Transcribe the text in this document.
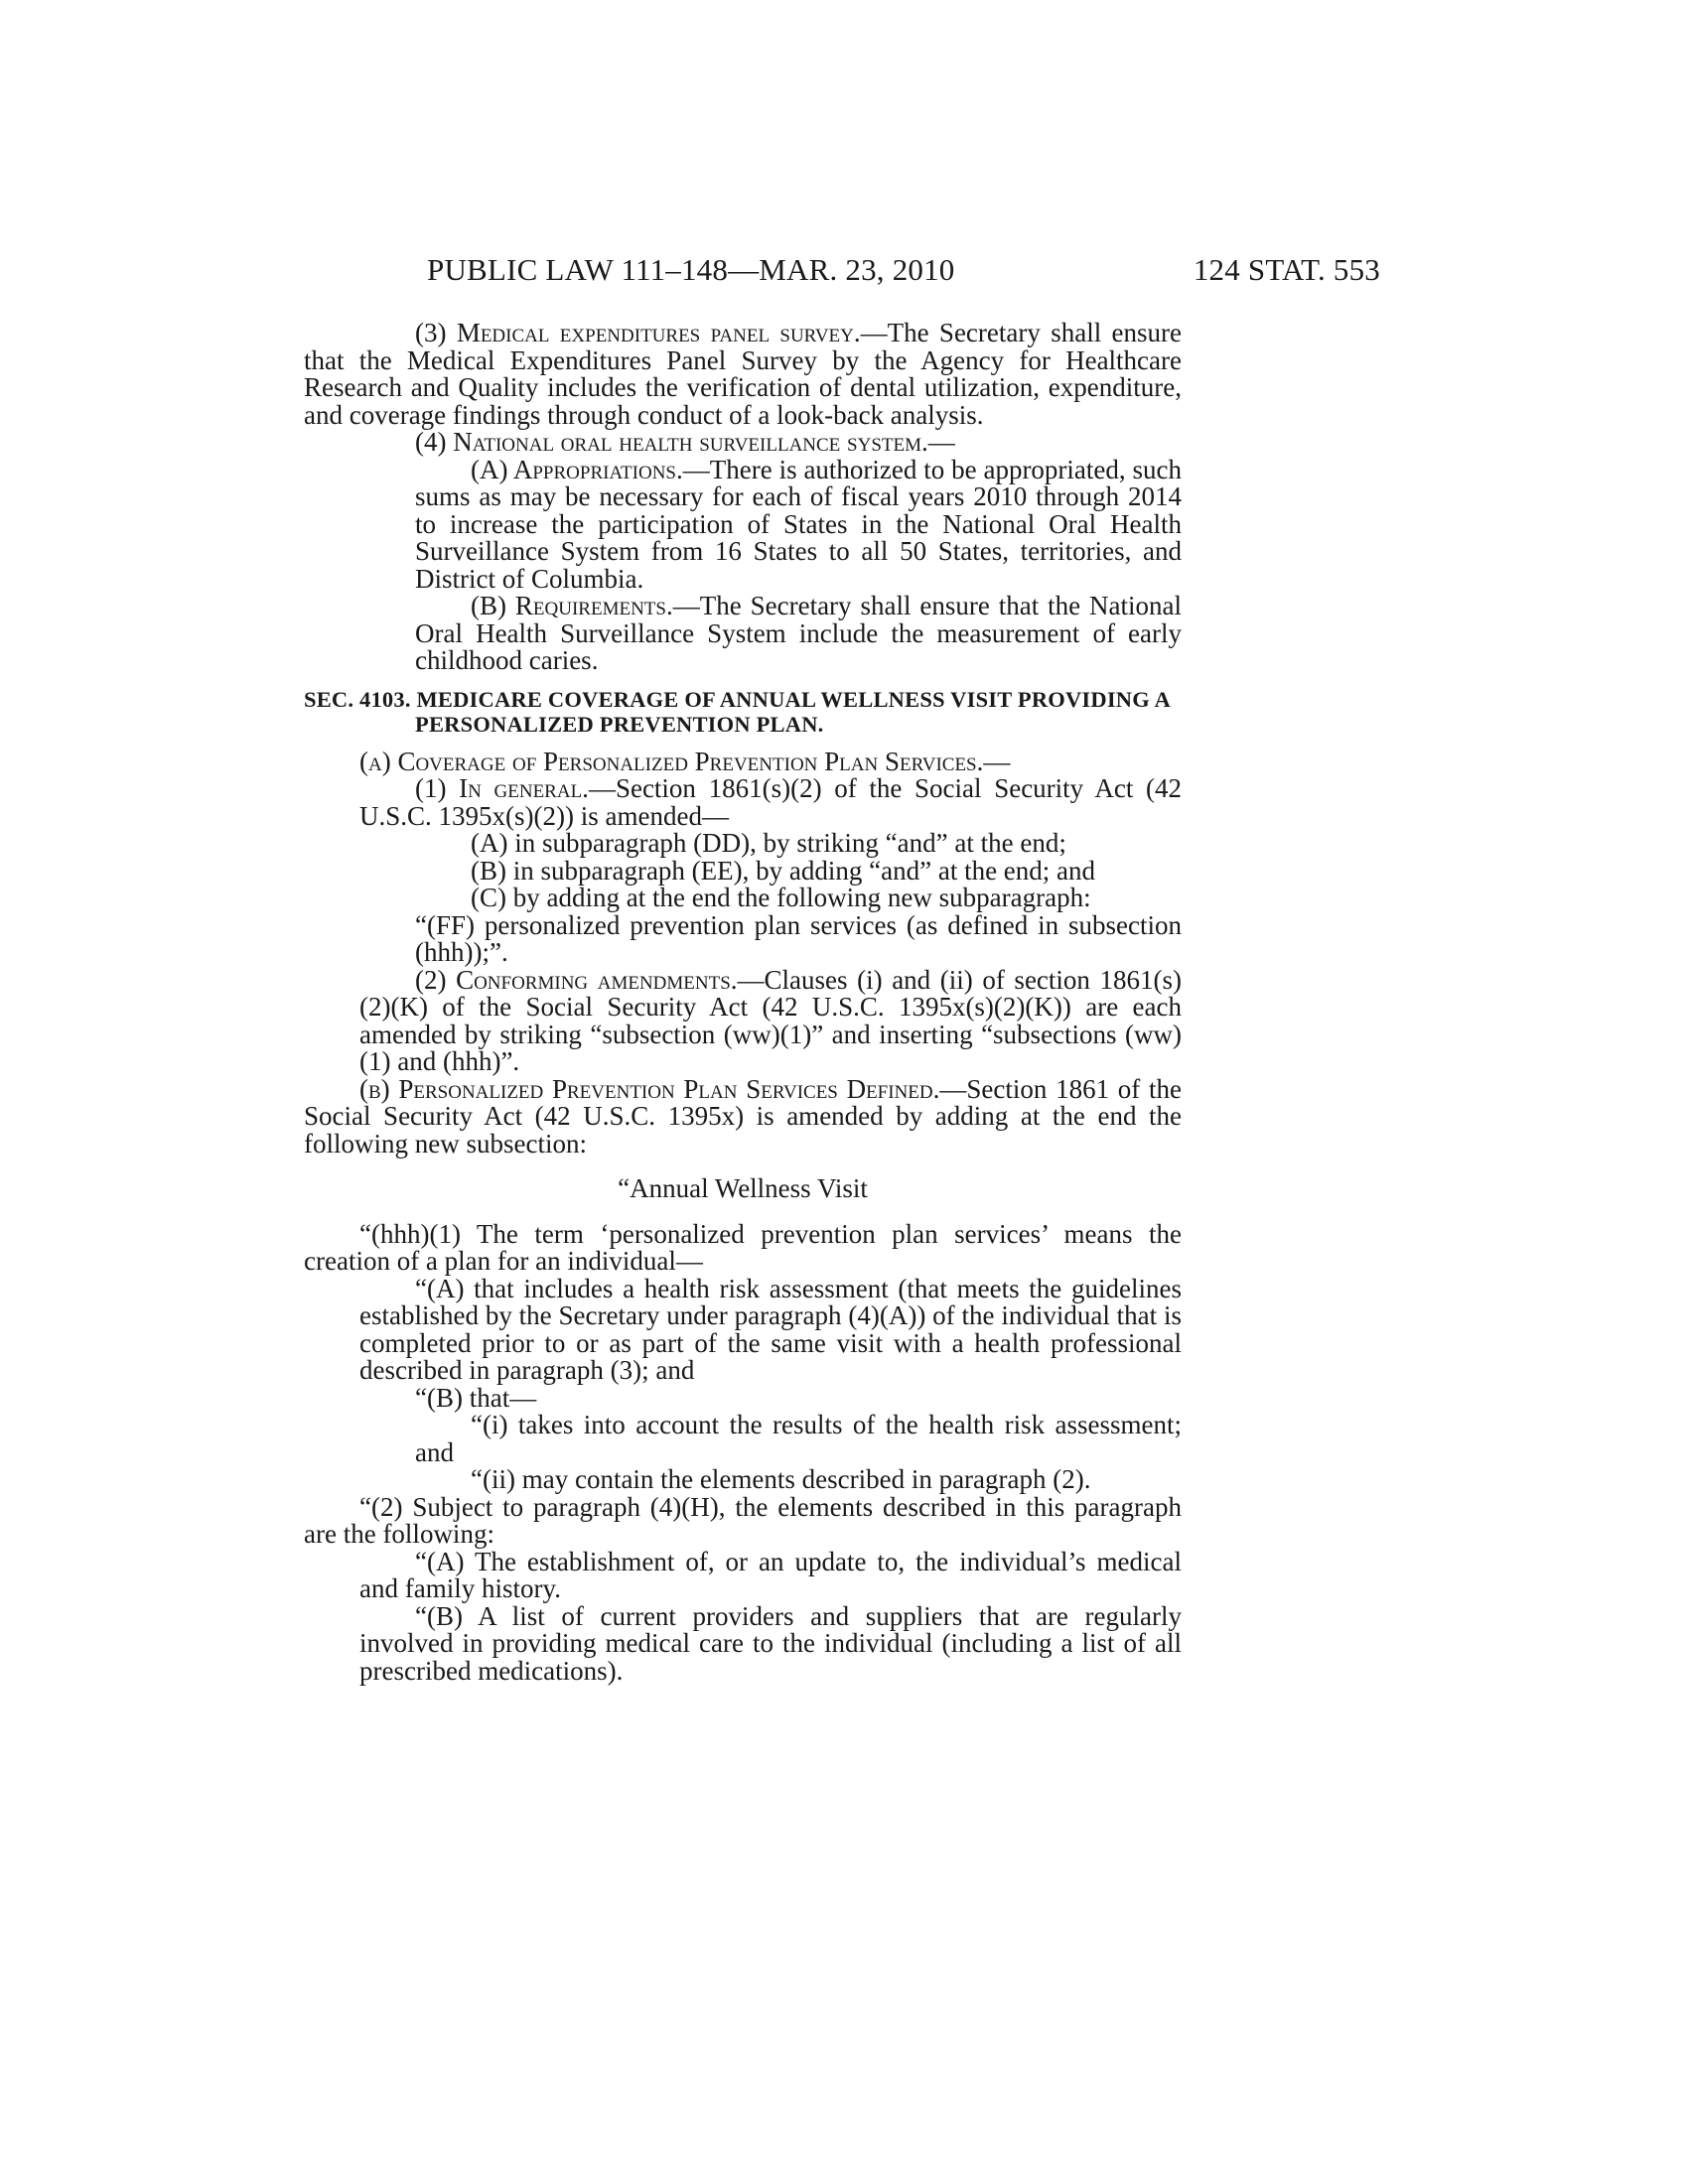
PUBLIC LAW 111–148—MAR. 23, 2010	124 STAT. 553

(3) Medical expenditures panel survey.—The Secretary shall ensure that the Medical Expenditures Panel Survey by the Agency for Healthcare Research and Quality includes the verification of dental utilization, expenditure, and coverage findings through conduct of a look-back analysis.

(4) National oral health surveillance system.—

(A) Appropriations.—There is authorized to be appropriated, such sums as may be necessary for each of fiscal years 2010 through 2014 to increase the participation of States in the National Oral Health Surveillance System from 16 States to all 50 States, territories, and District of Columbia.

(B) Requirements.—The Secretary shall ensure that the National Oral Health Surveillance System include the measurement of early childhood caries.

SEC. 4103. MEDICARE COVERAGE OF ANNUAL WELLNESS VISIT PROVIDING A PERSONALIZED PREVENTION PLAN.

(a) Coverage of Personalized Prevention Plan Services.—

(1) In general.—Section 1861(s)(2) of the Social Security Act (42 U.S.C. 1395x(s)(2)) is amended—

(A) in subparagraph (DD), by striking “and” at the end;

(B) in subparagraph (EE), by adding “and” at the end; and

(C) by adding at the end the following new subparagraph:

“(FF) personalized prevention plan services (as defined in subsection (hhh));”.

(2) Conforming amendments.—Clauses (i) and (ii) of section 1861(s)(2)(K) of the Social Security Act (42 U.S.C. 1395x(s)(2)(K)) are each amended by striking “subsection (ww)(1)” and inserting “subsections (ww)(1) and (hhh)”.

(b) Personalized Prevention Plan Services Defined.—Section 1861 of the Social Security Act (42 U.S.C. 1395x) is amended by adding at the end the following new subsection:

“Annual Wellness Visit

“(hhh)(1) The term ‘personalized prevention plan services’ means the creation of a plan for an individual—

“(A) that includes a health risk assessment (that meets the guidelines established by the Secretary under paragraph (4)(A)) of the individual that is completed prior to or as part of the same visit with a health professional described in paragraph (3); and

“(B) that—

“(i) takes into account the results of the health risk assessment; and

“(ii) may contain the elements described in paragraph (2).

“(2) Subject to paragraph (4)(H), the elements described in this paragraph are the following:

“(A) The establishment of, or an update to, the individual’s medical and family history.

“(B) A list of current providers and suppliers that are regularly involved in providing medical care to the individual (including a list of all prescribed medications).
